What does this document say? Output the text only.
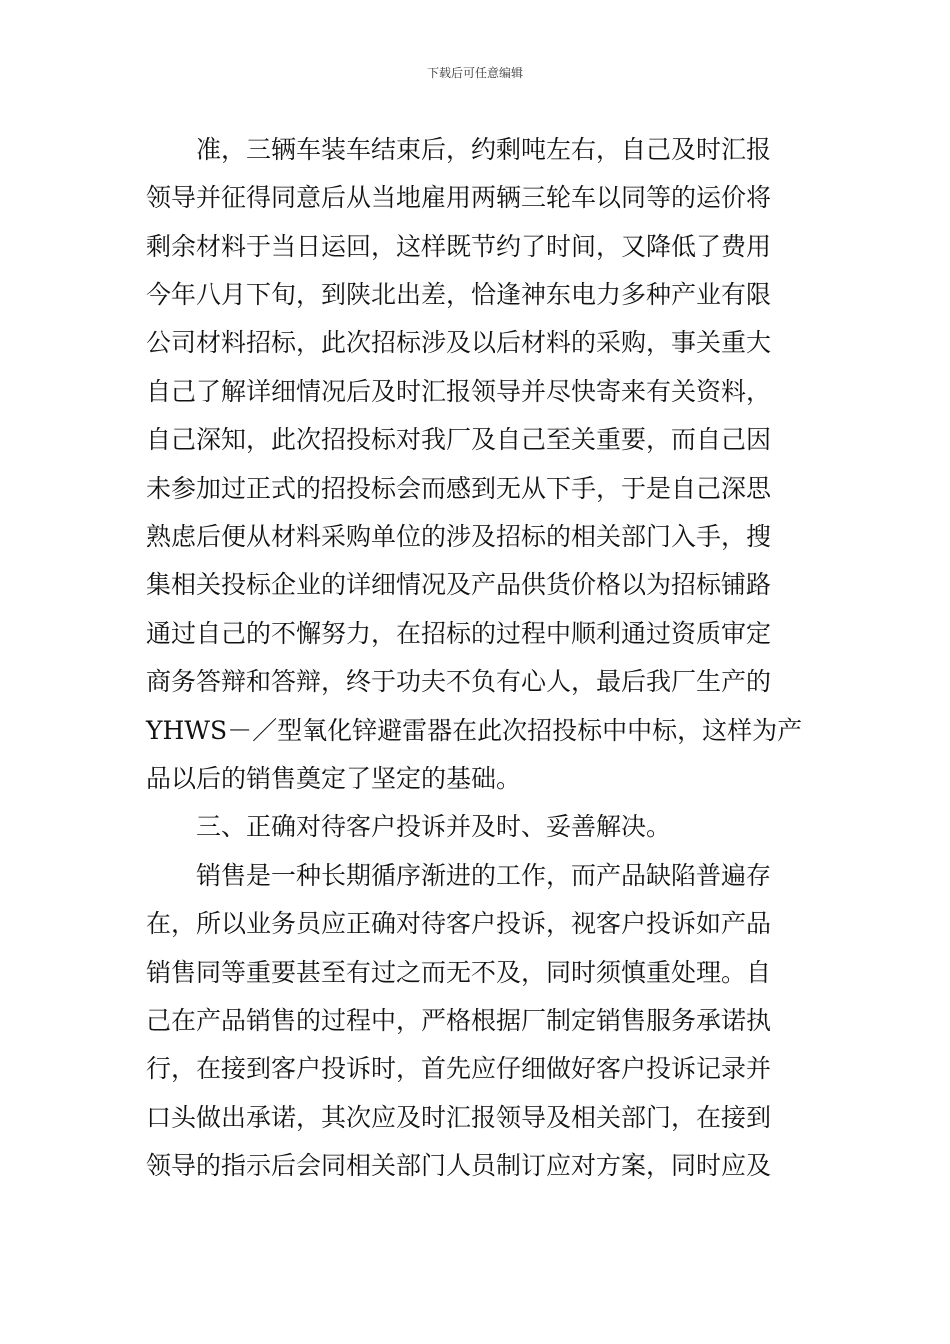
下载后可任意编辑
　　准，三辆车装车结束后，约剩吨左右，自己及时汇报
领导并征得同意后从当地雇用两辆三轮车以同等的运价将
剩余材料于当日运回，这样既节约了时间，又降低了费用
今年八月下旬，到陕北出差，恰逢神东电力多种产业有限
公司材料招标，此次招标涉及以后材料的采购，事关重大
自己了解详细情况后及时汇报领导并尽快寄来有关资料，
自己深知，此次招投标对我厂及自己至关重要，而自己因
未参加过正式的招投标会而感到无从下手，于是自己深思
熟虑后便从材料采购单位的涉及招标的相关部门入手，搜
集相关投标企业的详细情况及产品供货价格以为招标铺路
通过自己的不懈努力，在招标的过程中顺利通过资质审定
商务答辩和答辩，终于功夫不负有心人，最后我厂生产的
YHWS－／型氧化锌避雷器在此次招投标中中标，这样为产
品以后的销售奠定了坚定的基础。
　　三、正确对待客户投诉并及时、妥善解决。
　　销售是一种长期循序渐进的工作，而产品缺陷普遍存
在，所以业务员应正确对待客户投诉，视客户投诉如产品
销售同等重要甚至有过之而无不及，同时须慎重处理。自
己在产品销售的过程中，严格根据厂制定销售服务承诺执
行，在接到客户投诉时，首先应仔细做好客户投诉记录并
口头做出承诺，其次应及时汇报领导及相关部门，在接到
领导的指示后会同相关部门人员制订应对方案，同时应及
